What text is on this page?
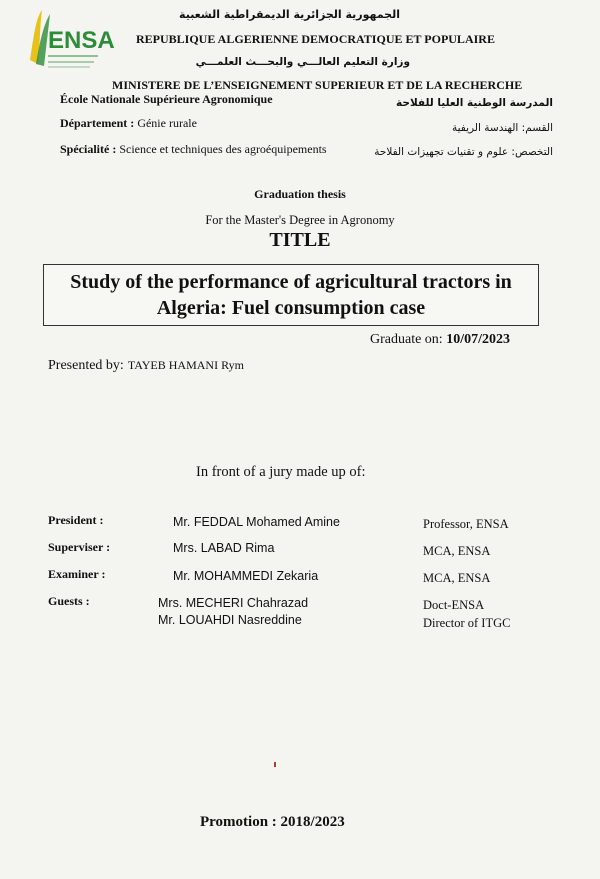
ENSA
الجمهورية الجزائرية الديمقراطية الشعبية
REPUBLIQUE ALGERIENNE DEMOCRATIQUE ET POPULAIRE
وزارة التعليم العالـــي والبحـــث العلمـــي
MINISTERE DE L’ENSEIGNEMENT SUPERIEUR ET DE LA RECHERCHE
École Nationale Supérieure Agronomique	المدرسة الوطنية العليا للفلاحة
Département : Génie rurale	القسم: الهندسة الريفية
Spécialité : Science et techniques des agroéquipements	التخصص: علوم و تقنيات تجهيزات الفلاحة
Graduation thesis
For the Master's Degree in Agronomy
TITLE
Study of the performance of agricultural tractors in
Algeria: Fuel consumption case
Graduate on: 10/07/2023
Presented by: TAYEB HAMANI Rym
In front of a jury made up of:
President :	Mr. FEDDAL Mohamed Amine	Professor, ENSA
Superviser :	Mrs. LABAD Rima	MCA, ENSA
Examiner :	Mr. MOHAMMEDI Zekaria	MCA, ENSA
Guests :	Mrs. MECHERI Chahrazad	Doct-ENSA
Mr. LOUAHDI Nasreddine	Director of ITGC
Promotion : 2018/2023
